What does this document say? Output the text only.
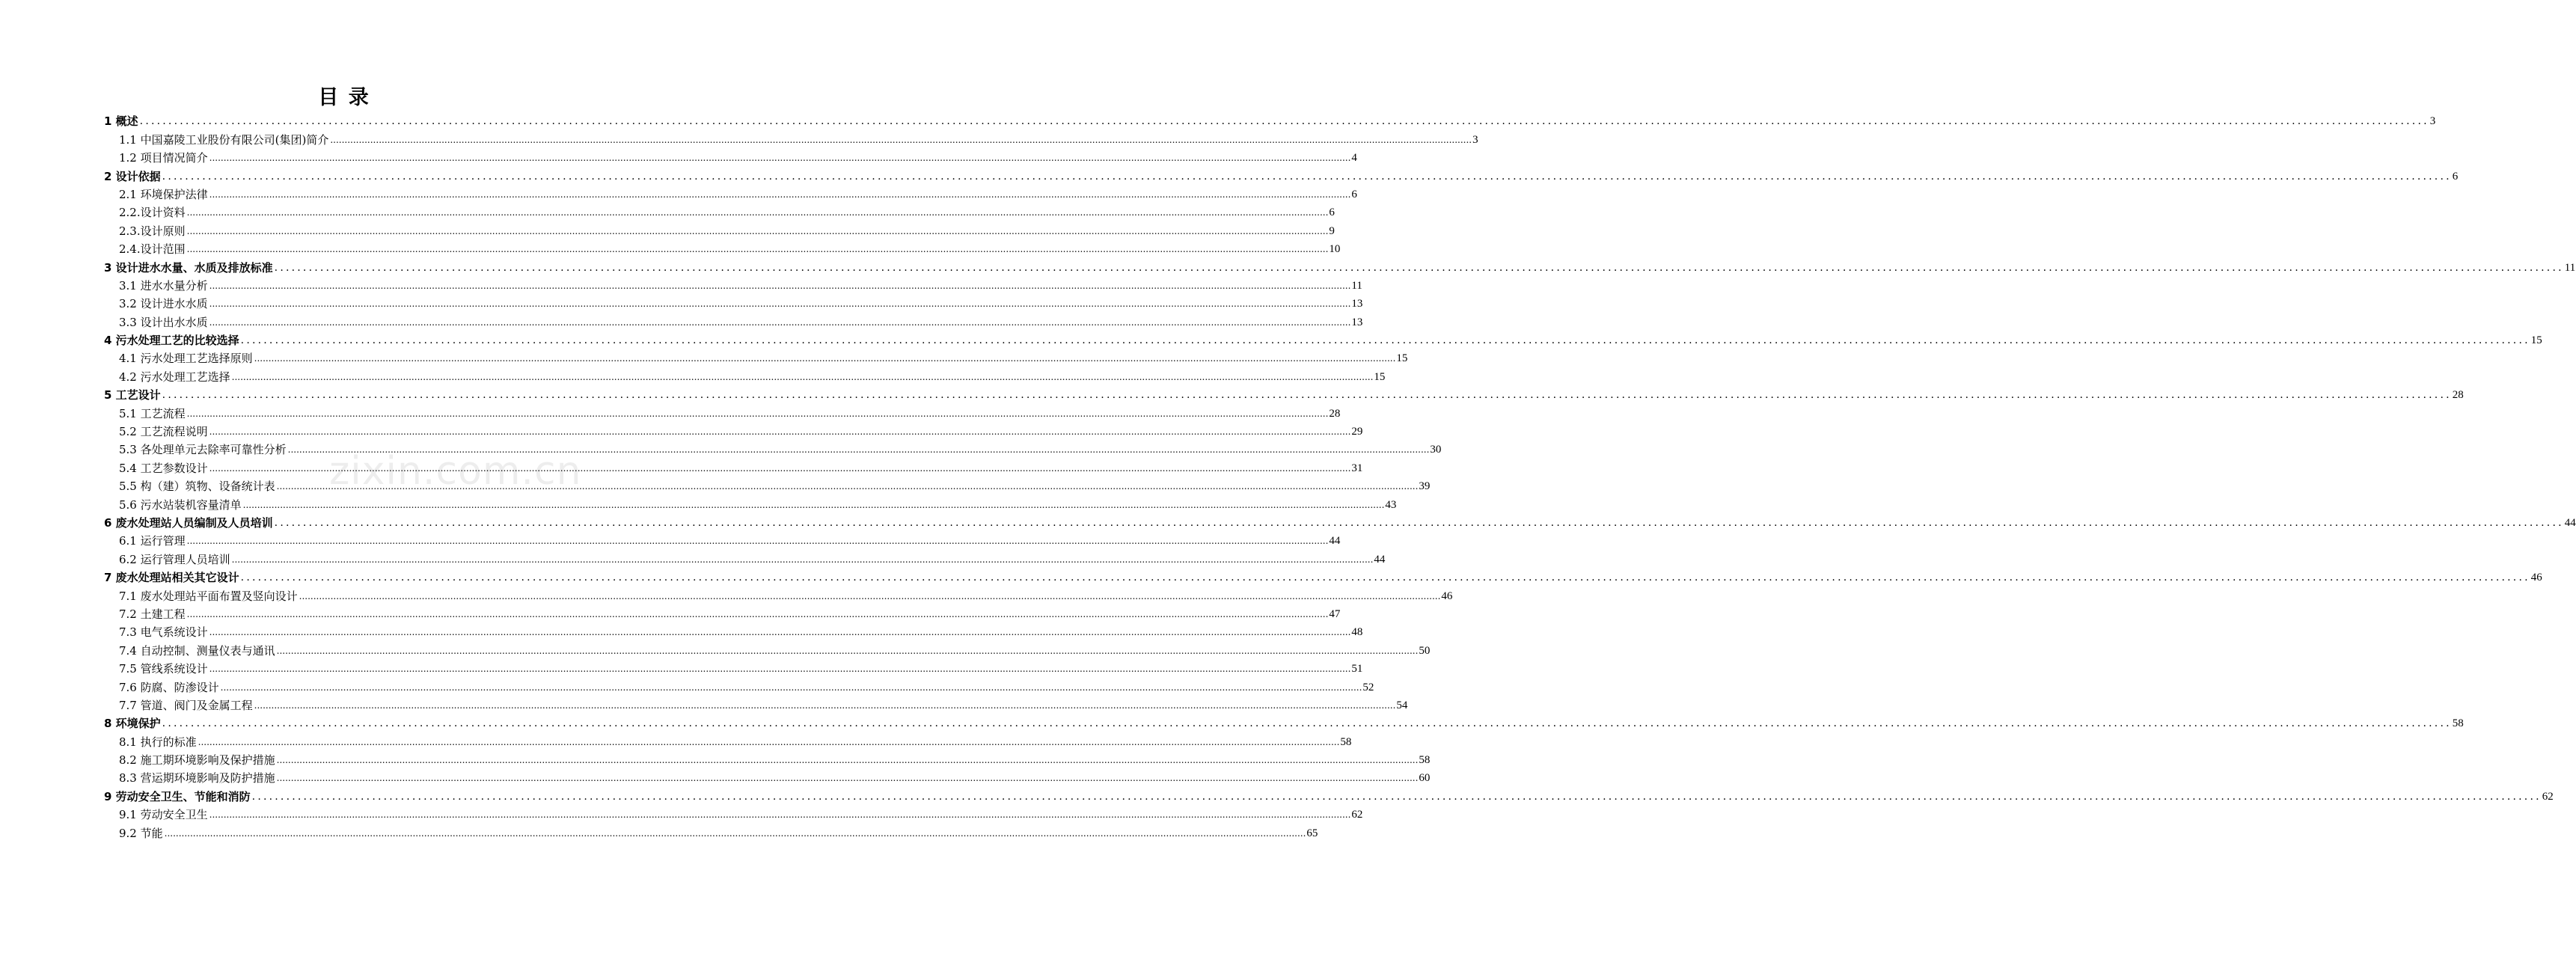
目 录
zixin.com.cn
1 概述 ................................................................................................................................................................................................................................................................................................................................................................................................................ 3
1.1 中国嘉陵工业股份有限公司(集团)简介 ................................................................................................................................................................................................................................................................................................................................................................................................................ 3
1.2 项目情况简介 ................................................................................................................................................................................................................................................................................................................................................................................................................ 4
2 设计依据 ................................................................................................................................................................................................................................................................................................................................................................................................................ 6
2.1 环境保护法律 ................................................................................................................................................................................................................................................................................................................................................................................................................ 6
2.2.设计资料 ................................................................................................................................................................................................................................................................................................................................................................................................................ 6
2.3.设计原则 ................................................................................................................................................................................................................................................................................................................................................................................................................ 9
2.4.设计范围 ................................................................................................................................................................................................................................................................................................................................................................................................................ 10
3 设计进水水量、水质及排放标准 ................................................................................................................................................................................................................................................................................................................................................................................................................ 11
3.1 进水水量分析 ................................................................................................................................................................................................................................................................................................................................................................................................................ 11
3.2 设计进水水质 ................................................................................................................................................................................................................................................................................................................................................................................................................ 13
3.3 设计出水水质 ................................................................................................................................................................................................................................................................................................................................................................................................................ 13
4 污水处理工艺的比较选择 ................................................................................................................................................................................................................................................................................................................................................................................................................ 15
4.1 污水处理工艺选择原则 ................................................................................................................................................................................................................................................................................................................................................................................................................ 15
4.2 污水处理工艺选择 ................................................................................................................................................................................................................................................................................................................................................................................................................ 15
5 工艺设计 ................................................................................................................................................................................................................................................................................................................................................................................................................ 28
5.1 工艺流程 ................................................................................................................................................................................................................................................................................................................................................................................................................ 28
5.2 工艺流程说明 ................................................................................................................................................................................................................................................................................................................................................................................................................ 29
5.3 各处理单元去除率可靠性分析 ................................................................................................................................................................................................................................................................................................................................................................................................................ 30
5.4 工艺参数设计 ................................................................................................................................................................................................................................................................................................................................................................................................................ 31
5.5 构（建）筑物、设备统计表 ................................................................................................................................................................................................................................................................................................................................................................................................................ 39
5.6 污水站装机容量清单 ................................................................................................................................................................................................................................................................................................................................................................................................................ 43
6 废水处理站人员编制及人员培训 ................................................................................................................................................................................................................................................................................................................................................................................................................ 44
6.1 运行管理 ................................................................................................................................................................................................................................................................................................................................................................................................................ 44
6.2 运行管理人员培训 ................................................................................................................................................................................................................................................................................................................................................................................................................ 44
7 废水处理站相关其它设计 ................................................................................................................................................................................................................................................................................................................................................................................................................ 46
7.1 废水处理站平面布置及竖向设计 ................................................................................................................................................................................................................................................................................................................................................................................................................ 46
7.2 土建工程 ................................................................................................................................................................................................................................................................................................................................................................................................................ 47
7.3 电气系统设计 ................................................................................................................................................................................................................................................................................................................................................................................................................ 48
7.4 自动控制、测量仪表与通讯 ................................................................................................................................................................................................................................................................................................................................................................................................................ 50
7.5 管线系统设计 ................................................................................................................................................................................................................................................................................................................................................................................................................ 51
7.6 防腐、防渗设计 ................................................................................................................................................................................................................................................................................................................................................................................................................ 52
7.7 管道、阀门及金属工程 ................................................................................................................................................................................................................................................................................................................................................................................................................ 54
8 环境保护 ................................................................................................................................................................................................................................................................................................................................................................................................................ 58
8.1 执行的标准 ................................................................................................................................................................................................................................................................................................................................................................................................................ 58
8.2 施工期环境影响及保护措施 ................................................................................................................................................................................................................................................................................................................................................................................................................ 58
8.3 营运期环境影响及防护措施 ................................................................................................................................................................................................................................................................................................................................................................................................................ 60
9 劳动安全卫生、节能和消防 ................................................................................................................................................................................................................................................................................................................................................................................................................ 62
9.1 劳动安全卫生 ................................................................................................................................................................................................................................................................................................................................................................................................................ 62
9.2 节能 ................................................................................................................................................................................................................................................................................................................................................................................................................ 65
